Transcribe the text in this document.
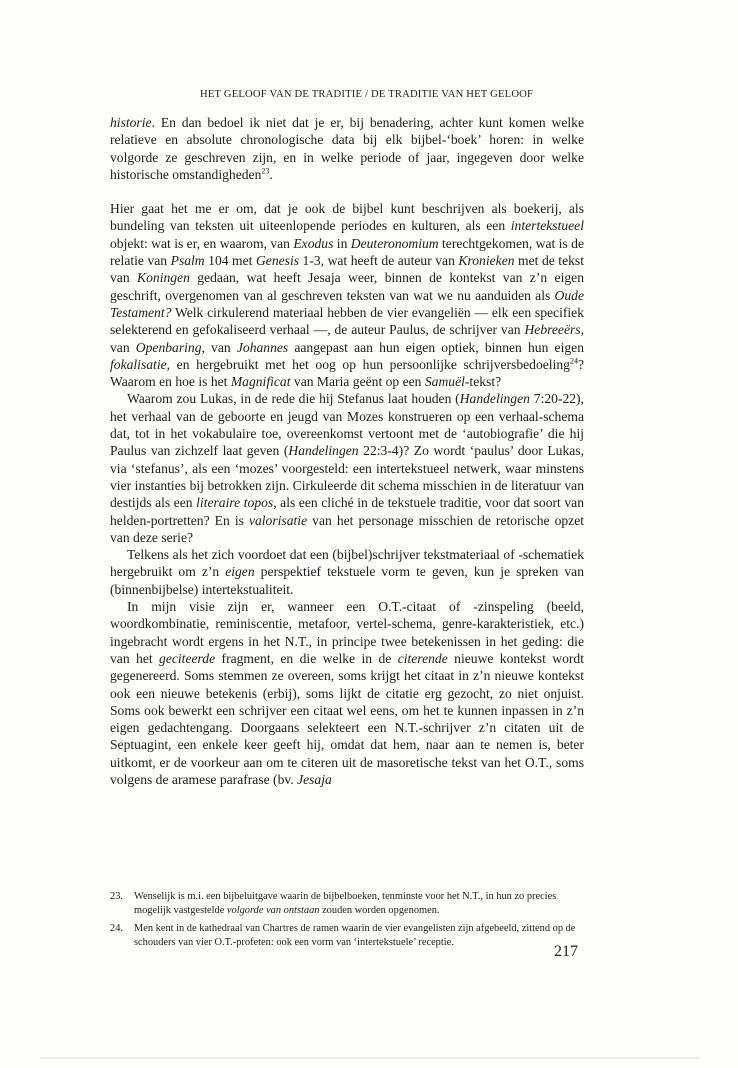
HET GELOOF VAN DE TRADITIE / DE TRADITIE VAN HET GELOOF

historie. En dan bedoel ik niet dat je er, bij benadering, achter kunt komen welke relatieve en absolute chronologische data bij elk bijbel-‘boek’ horen: in welke volgorde ze geschreven zijn, en in welke periode of jaar, ingegeven door welke historische omstandigheden$^{23}$.

Hier gaat het me er om, dat je ook de bijbel kunt beschrijven als boekerij, als bundeling van teksten uit uiteenlopende periodes en kulturen, als een intertekstueel objekt: wat is er, en waarom, van Exodus in Deuteronomium terechtgekomen, wat is de relatie van Psalm 104 met Genesis 1-3, wat heeft de auteur van Kronieken met de tekst van Koningen gedaan, wat heeft Jesaja weer, binnen de kontekst van z’n eigen geschrift, overgenomen van al geschreven teksten van wat we nu aanduiden als Oude Testament? Welk cirkulerend materiaal hebben de vier evangeliën — elk een specifiek selekterend en gefokaliseerd verhaal —, de auteur Paulus, de schrijver van Hebreeërs, van Openbaring, van Johannes aangepast aan hun eigen optiek, binnen hun eigen fokalisatie, en hergebruikt met het oog op hun persoonlijke schrijversbedoeling$^{24}$? Waarom en hoe is het Magnificat van Maria geënt op een Samuël-tekst?

Waarom zou Lukas, in de rede die hij Stefanus laat houden (Handelingen 7:20-22), het verhaal van de geboorte en jeugd van Mozes konstrueren op een verhaal-schema dat, tot in het vokabulaire toe, overeenkomst vertoont met de ‘autobiografie’ die hij Paulus van zichzelf laat geven (Handelingen 22:3-4)? Zo wordt ‘paulus’ door Lukas, via ‘stefanus’, als een ‘mozes’ voorgesteld: een intertekstueel netwerk, waar minstens vier instanties bij betrokken zijn. Cirkuleerde dit schema misschien in de literatuur van destijds als een literaire topos, als een cliché in de tekstuele traditie, voor dat soort van helden-portretten? En is valorisatie van het personage misschien de retorische opzet van deze serie?

Telkens als het zich voordoet dat een (bijbel)schrijver tekstmateriaal of -schematiek hergebruikt om z’n eigen perspektief tekstuele vorm te geven, kun je spreken van (binnenbijbelse) intertekstualiteit.

In mijn visie zijn er, wanneer een O.T.-citaat of -zinspeling (beeld, woordkombinatie, reminiscentie, metafoor, vertel-schema, genre-karakteristiek, etc.) ingebracht wordt ergens in het N.T., in principe twee betekenissen in het geding: die van het geciteerde fragment, en die welke in de citerende nieuwe kontekst wordt gegenereerd. Soms stemmen ze overeen, soms krijgt het citaat in z’n nieuwe kontekst ook een nieuwe betekenis (erbij), soms lijkt de citatie erg gezocht, zo niet onjuist. Soms ook bewerkt een schrijver een citaat wel eens, om het te kunnen inpassen in z’n eigen gedachtengang. Doorgaans selekteert een N.T.-schrijver z’n citaten uit de Septuagint, een enkele keer geeft hij, omdat dat hem, naar aan te nemen is, beter uitkomt, er de voorkeur aan om te citeren uit de masoretische tekst van het O.T., soms volgens de aramese parafrase (bv. Jesaja

23.	Wenselijk is m.i. een bijbeluitgave waarin de bijbelboeken, tenminste voor het N.T., in hun zo precies mogelijk vastgestelde volgorde van ontstaan zouden worden opgenomen.
24.	Men kent in de kathedraal van Chartres de ramen waarin de vier evangelisten zijn afgebeeld, zittend op de schouders van vier O.T.-profeten: ook een vorm van ‘intertekstuele’ receptie.
217
